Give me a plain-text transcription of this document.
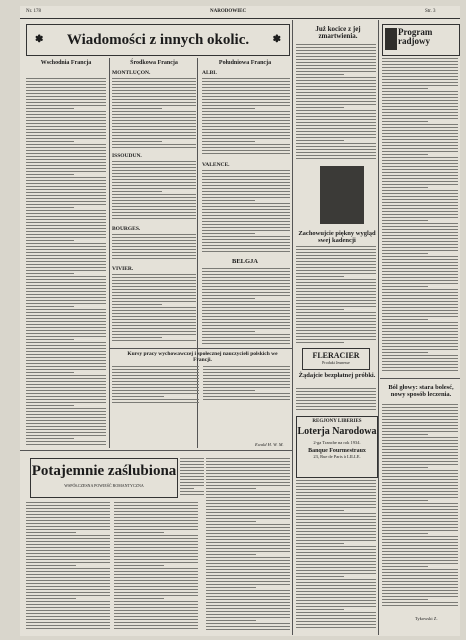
Nr. 178	NARODOWIEC	Str. 3
✽ Wiadomości z innych okolic. ✽
Wschodnia Francja	Środkowa Francja	Południowa Francja
MONTLUÇON.
ISSOUDUN.
BOURGES.
VIVIER.
ALBI.
VALENCE.
BELGJA
Kursy pracy wychowawczej i społecznej nauczycieli polskich we Francji.
Ewald H. W. M.
Potajemnie zaślubiona
WSPÓŁCZESNA POWIEŚĆ ROMANTYCZNA
Już kocice z jej zmartwienia.
Zachowujcie piękny wygląd swej kadencji
FLERACIER
Produkt Jeunesse
Żądajcie bezpłatnej próbki.
REGJONY LIBERIES
Loterja Narodowa
2-ga Tranche na rok 1934.
Banque Fourmestraux
23, Rue de Paris à LILLE.
Program radjowy
Ból głowy: stara bolesć, nowy sposób leczenia.
Tykowski Z.
